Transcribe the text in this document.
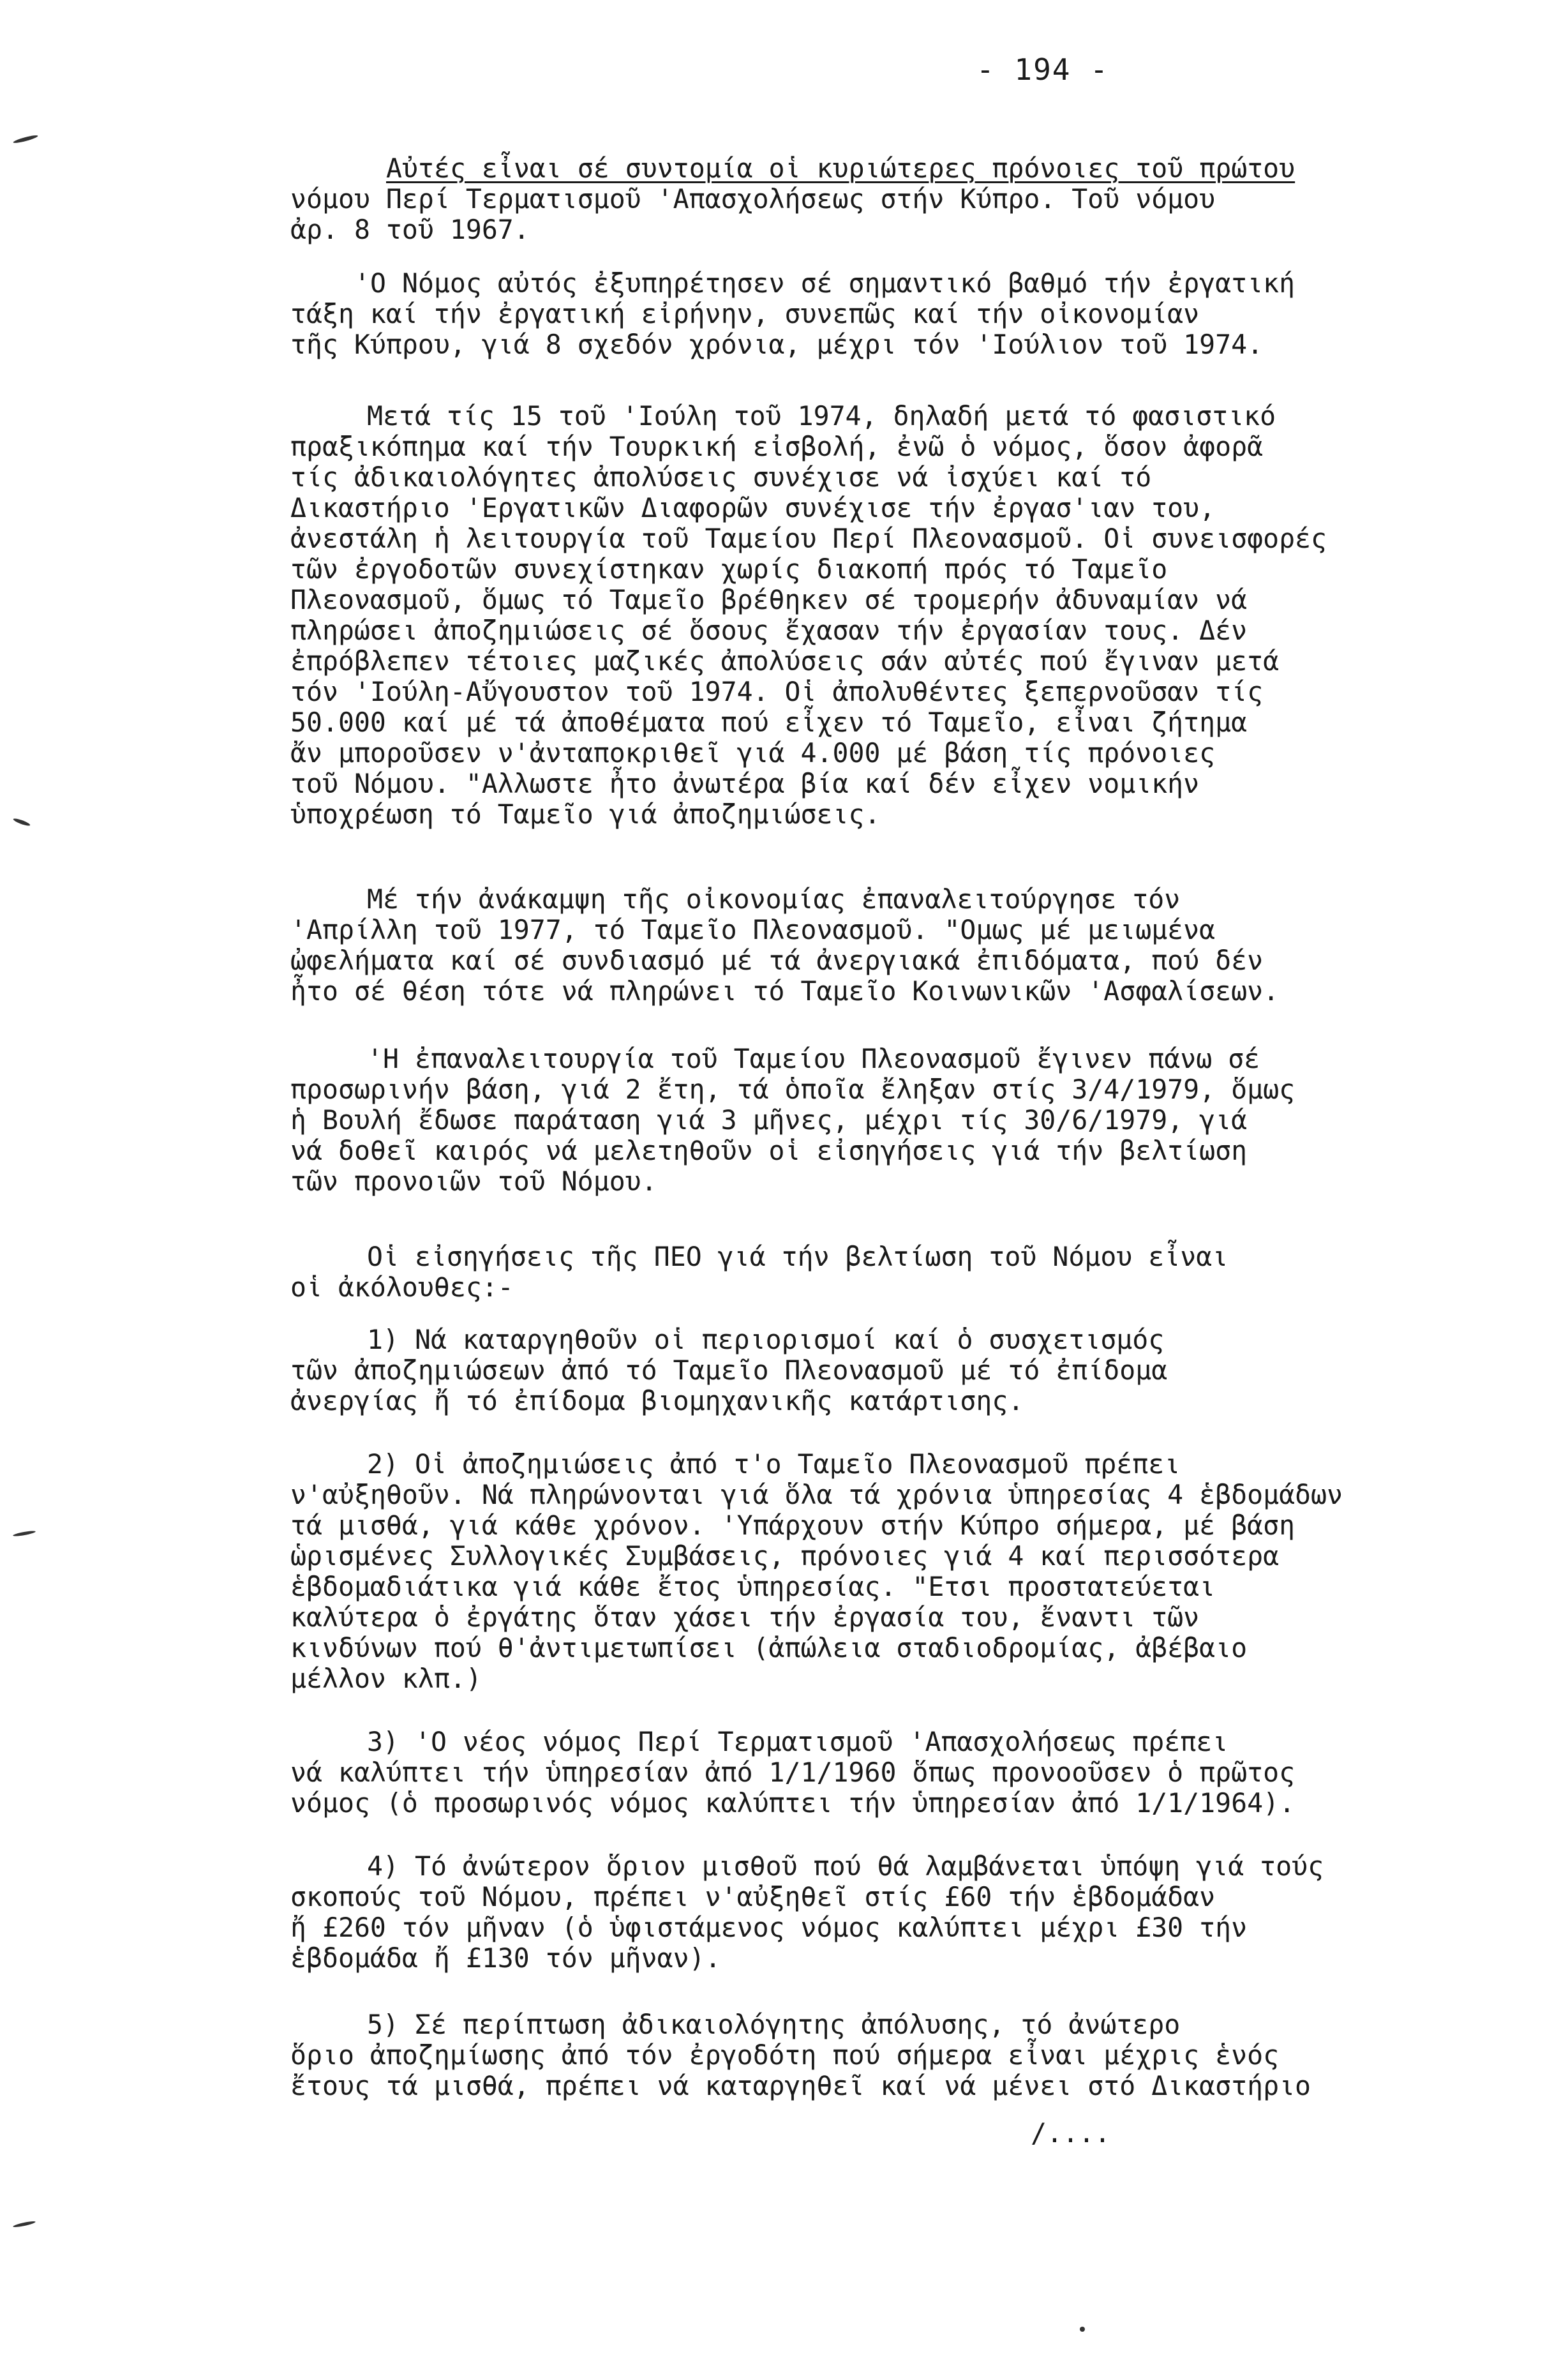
- 194 -
Αὐτές εἶναι σέ συντομία οἱ κυριώτερες πρόνοιες τοῦ πρώτου
νόμου Περί Τερματισμοῦ 'Απασχολήσεως στήν Κύπρο. Τοῦ νόμου
ἀρ. 8 τοῦ 1967.
'Ο Νόμος αὐτός ἐξυπηρέτησεν σέ σημαντικό βαθμό τήν ἐργατική
τάξη καί τήν ἐργατική εἰρήνην, συνεπῶς καί τήν οἰκονομίαν
τῆς Κύπρου, γιά 8 σχεδόν χρόνια, μέχρι τόν 'Ιούλιον τοῦ 1974.
Μετά τίς 15 τοῦ 'Ιούλη τοῦ 1974, δηλαδή μετά τό φασιστικό
πραξικόπημα καί τήν Τουρκική εἰσβολή, ἐνῶ ὁ νόμος, ὅσον ἀφορᾶ
τίς ἀδικαιολόγητες ἀπολύσεις συνέχισε νά ἰσχύει καί τό
Δικαστήριο 'Εργατικῶν Διαφορῶν συνέχισε τήν ἐργασ'ιαν του,
ἀνεστάλη ἡ λειτουργία τοῦ Ταμείου Περί Πλεονασμοῦ. Οἱ συνεισφορές
τῶν ἐργοδοτῶν συνεχίστηκαν χωρίς διακοπή πρός τό Ταμεῖο
Πλεονασμοῦ, ὅμως τό Ταμεῖο βρέθηκεν σέ τρομερήν ἀδυναμίαν νά
πληρώσει ἀποζημιώσεις σέ ὅσους ἔχασαν τήν ἐργασίαν τους. Δέν
ἐπρόβλεπεν τέτοιες μαζικές ἀπολύσεις σάν αὐτές πού ἔγιναν μετά
τόν 'Ιούλη-Αὔγουστον τοῦ 1974. Οἱ ἀπολυθέντες ξεπερνοῦσαν τίς
50.000 καί μέ τά ἀποθέματα πού εἶχεν τό Ταμεῖο, εἶναι ζήτημα
ἄν μποροῦσεν ν'ἀνταποκριθεῖ γιά 4.000 μέ βάση τίς πρόνοιες
τοῦ Νόμου. "Αλλωστε ἦτο ἀνωτέρα βία καί δέν εἶχεν νομικήν
ὑποχρέωση τό Ταμεῖο γιά ἀποζημιώσεις.
Μέ τήν ἀνάκαμψη τῆς οἰκονομίας ἐπαναλειτούργησε τόν
'Απρίλλη τοῦ 1977, τό Ταμεῖο Πλεονασμοῦ. "Ομως μέ μειωμένα
ὠφελήματα καί σέ συνδιασμό μέ τά ἀνεργιακά ἐπιδόματα, πού δέν
ἦτο σέ θέση τότε νά πληρώνει τό Ταμεῖο Κοινωνικῶν 'Ασφαλίσεων.
'Η ἐπαναλειτουργία τοῦ Ταμείου Πλεονασμοῦ ἔγινεν πάνω σέ
προσωρινήν βάση, γιά 2 ἔτη, τά ὁποῖα ἔληξαν στίς 3/4/1979, ὅμως
ἡ Βουλή ἔδωσε παράταση γιά 3 μῆνες, μέχρι τίς 30/6/1979, γιά
νά δοθεῖ καιρός νά μελετηθοῦν οἱ εἰσηγήσεις γιά τήν βελτίωση
τῶν προνοιῶν τοῦ Νόμου.
Οἱ εἰσηγήσεις τῆς ΠΕΟ γιά τήν βελτίωση τοῦ Νόμου εἶναι
οἱ ἀκόλουθες:-
1) Νά καταργηθοῦν οἱ περιορισμοί καί ὁ συσχετισμός
τῶν ἀποζημιώσεων ἀπό τό Ταμεῖο Πλεονασμοῦ μέ τό ἐπίδομα
ἀνεργίας ἤ τό ἐπίδομα βιομηχανικῆς κατάρτισης.
2) Οἱ ἀποζημιώσεις ἀπό τ'ο Ταμεῖο Πλεονασμοῦ πρέπει
ν'αὐξηθοῦν. Νά πληρώνονται γιά ὅλα τά χρόνια ὑπηρεσίας 4 ἑβδομάδων
τά μισθά, γιά κάθε χρόνον. 'Υπάρχουν στήν Κύπρο σήμερα, μέ βάση
ὡρισμένες Συλλογικές Συμβάσεις, πρόνοιες γιά 4 καί περισσότερα
ἑβδομαδιάτικα γιά κάθε ἔτος ὑπηρεσίας. "Ετσι προστατεύεται
καλύτερα ὁ ἐργάτης ὅταν χάσει τήν ἐργασία του, ἔναντι τῶν
κινδύνων πού θ'ἀντιμετωπίσει (ἀπώλεια σταδιοδρομίας, ἀβέβαιο
μέλλον κλπ.)
3) 'Ο νέος νόμος Περί Τερματισμοῦ 'Απασχολήσεως πρέπει
νά καλύπτει τήν ὑπηρεσίαν ἀπό 1/1/1960 ὅπως προνοοῦσεν ὁ πρῶτος
νόμος (ὁ προσωρινός νόμος καλύπτει τήν ὑπηρεσίαν ἀπό 1/1/1964).
4) Τό ἀνώτερον ὅριον μισθοῦ πού θά λαμβάνεται ὑπόψη γιά τούς
σκοπούς τοῦ Νόμου, πρέπει ν'αὐξηθεῖ στίς £60 τήν ἑβδομάδαν
ἤ £260 τόν μῆναν (ὁ ὑφιστάμενος νόμος καλύπτει μέχρι £30 τήν
ἑβδομάδα ἤ £130 τόν μῆναν).
5) Σέ περίπτωση ἀδικαιολόγητης ἀπόλυσης, τό ἀνώτερο
ὅριο ἀποζημίωσης ἀπό τόν ἐργοδότη πού σήμερα εἶναι μέχρις ἑνός
ἔτους τά μισθά, πρέπει νά καταργηθεῖ καί νά μένει στό Δικαστήριο
/....
